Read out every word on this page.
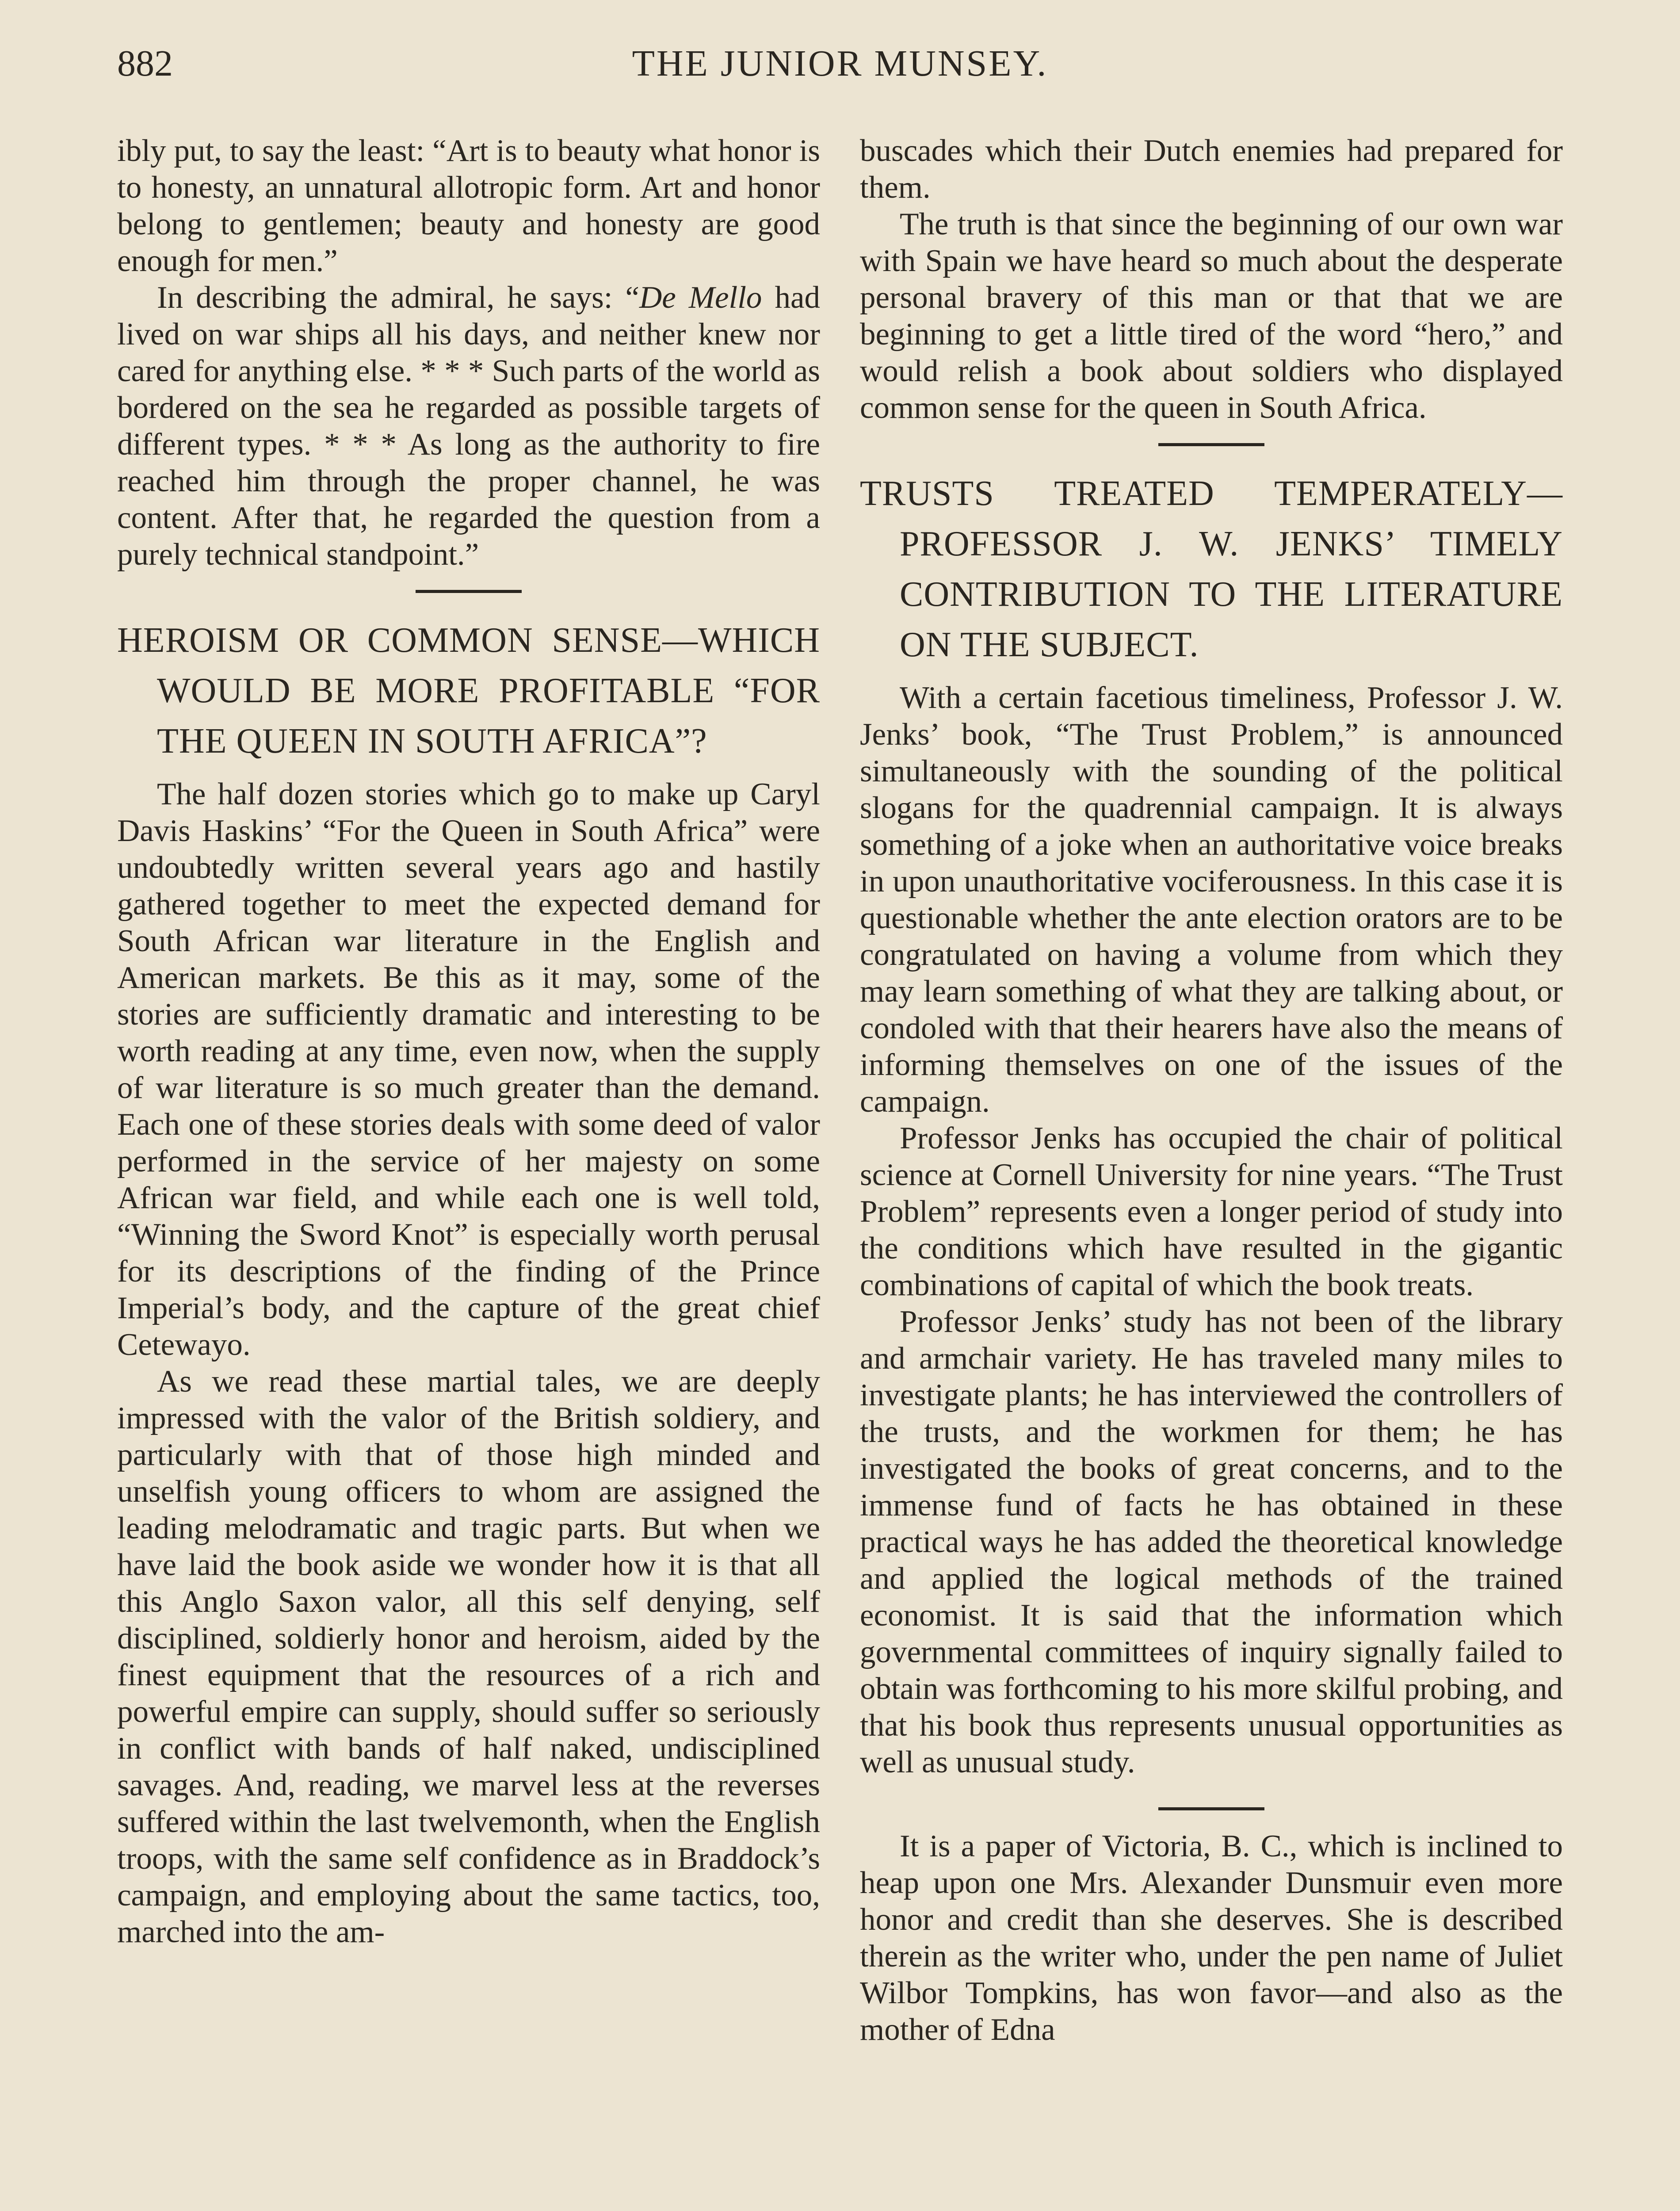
882	THE JUNIOR MUNSEY.

ibly put, to say the least: “Art is to beauty what honor is to honesty, an unnatural allotropic form. Art and honor belong to gentlemen; beauty and honesty are good enough for men.”

In describing the admiral, he says: “De Mello had lived on war ships all his days, and neither knew nor cared for anything else. * * * Such parts of the world as bordered on the sea he regarded as possible targets of different types. * * * As long as the authority to fire reached him through the proper channel, he was content. After that, he regarded the question from a purely technical standpoint.”

HEROISM OR COMMON SENSE—WHICH WOULD BE MORE PROFITABLE “FOR THE QUEEN IN SOUTH AFRICA”?

The half dozen stories which go to make up Caryl Davis Haskins’ “For the Queen in South Africa” were undoubtedly written several years ago and hastily gathered together to meet the expected demand for South African war literature in the English and American markets. Be this as it may, some of the stories are sufficiently dramatic and interesting to be worth reading at any time, even now, when the supply of war literature is so much greater than the demand. Each one of these stories deals with some deed of valor performed in the service of her majesty on some African war field, and while each one is well told, “Winning the Sword Knot” is especially worth perusal for its descriptions of the finding of the Prince Imperial’s body, and the capture of the great chief Cetewayo.

As we read these martial tales, we are deeply impressed with the valor of the British soldiery, and particularly with that of those high minded and unselfish young officers to whom are assigned the leading melodramatic and tragic parts. But when we have laid the book aside we wonder how it is that all this Anglo Saxon valor, all this self denying, self disciplined, soldierly honor and heroism, aided by the finest equipment that the resources of a rich and powerful empire can supply, should suffer so seriously in conflict with bands of half naked, undisciplined savages. And, reading, we marvel less at the reverses suffered within the last twelvemonth, when the English troops, with the same self confidence as in Braddock’s campaign, and employing about the same tactics, too, marched into the am-

buscades which their Dutch enemies had prepared for them.

The truth is that since the beginning of our own war with Spain we have heard so much about the desperate personal bravery of this man or that that we are beginning to get a little tired of the word “hero,” and would relish a book about soldiers who displayed common sense for the queen in South Africa.

TRUSTS TREATED TEMPERATELY—PROFESSOR J. W. JENKS’ TIMELY CONTRIBUTION TO THE LITERATURE ON THE SUBJECT.

With a certain facetious timeliness, Professor J. W. Jenks’ book, “The Trust Problem,” is announced simultaneously with the sounding of the political slogans for the quadrennial campaign. It is always something of a joke when an authoritative voice breaks in upon unauthoritative vociferousness. In this case it is questionable whether the ante election orators are to be congratulated on having a volume from which they may learn something of what they are talking about, or condoled with that their hearers have also the means of informing themselves on one of the issues of the campaign.

Professor Jenks has occupied the chair of political science at Cornell University for nine years. “The Trust Problem” represents even a longer period of study into the conditions which have resulted in the gigantic combinations of capital of which the book treats.

Professor Jenks’ study has not been of the library and armchair variety. He has traveled many miles to investigate plants; he has interviewed the controllers of the trusts, and the workmen for them; he has investigated the books of great concerns, and to the immense fund of facts he has obtained in these practical ways he has added the theoretical knowledge and applied the logical methods of the trained economist. It is said that the information which governmental committees of inquiry signally failed to obtain was forthcoming to his more skilful probing, and that his book thus represents unusual opportunities as well as unusual study.

It is a paper of Victoria, B. C., which is inclined to heap upon one Mrs. Alexander Dunsmuir even more honor and credit than she deserves. She is described therein as the writer who, under the pen name of Juliet Wilbor Tompkins, has won favor—and also as the mother of Edna
